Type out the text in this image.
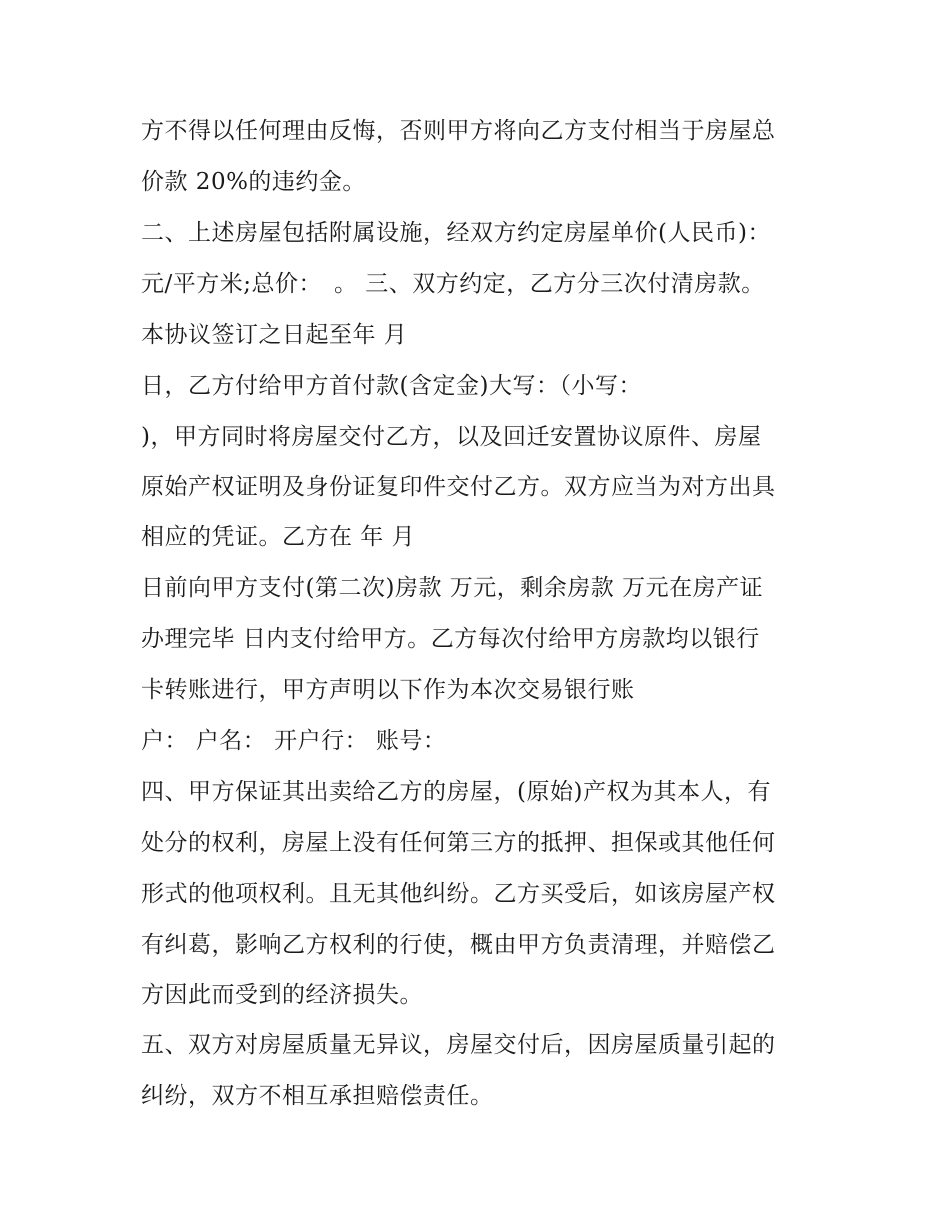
方不得以任何理由反悔，否则甲方将向乙方支付相当于房屋总
价款 20%的违约金。
二、上述房屋包括附属设施，经双方约定房屋单价(人民币)：
元/平方米;总价：　。 三、双方约定，乙方分三次付清房款。
本协议签订之日起至年 月
日，乙方付给甲方首付款(含定金)大写：（小写：
)，甲方同时将房屋交付乙方，以及回迁安置协议原件、房屋
原始产权证明及身份证复印件交付乙方。双方应当为对方出具
相应的凭证。乙方在 年 月
日前向甲方支付(第二次)房款 万元，剩余房款 万元在房产证
办理完毕 日内支付给甲方。乙方每次付给甲方房款均以银行
卡转账进行，甲方声明以下作为本次交易银行账
户： 户名： 开户行： 账号：
四、甲方保证其出卖给乙方的房屋，(原始)产权为其本人，有
处分的权利，房屋上没有任何第三方的抵押、担保或其他任何
形式的他项权利。且无其他纠纷。乙方买受后，如该房屋产权
有纠葛，影响乙方权利的行使，概由甲方负责清理，并赔偿乙
方因此而受到的经济损失。
五、双方对房屋质量无异议，房屋交付后，因房屋质量引起的
纠纷，双方不相互承担赔偿责任。
